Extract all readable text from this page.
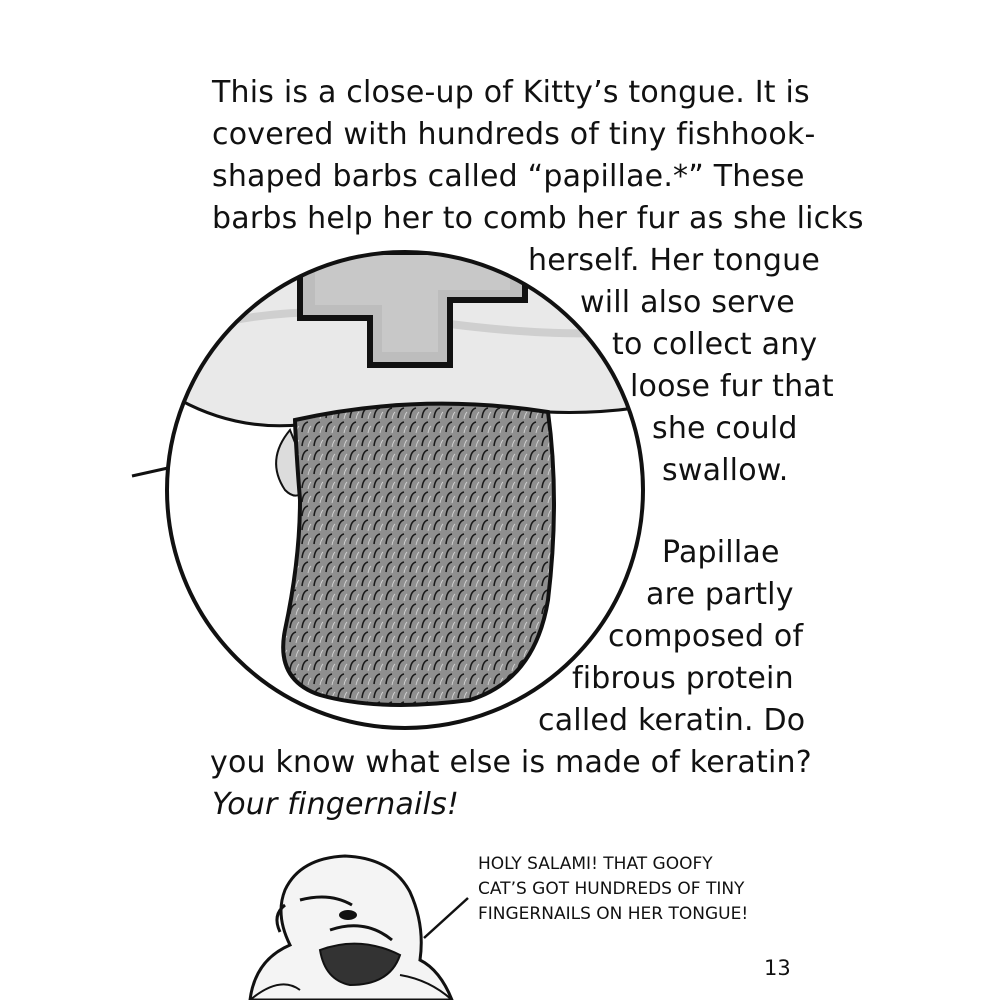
This is a close-up of Kitty’s tongue. It is
covered with hundreds of tiny fishhook-
shaped barbs called “papillae.*” These
barbs help her to comb her fur as she licks
herself. Her tongue
will also serve
to collect any
loose fur that
she could
swallow.
Papillae
are partly
composed of
fibrous protein
called keratin. Do
you know what else is made of keratin?
Your fingernails!
HOLY SALAMI! THAT GOOFY
CAT’S GOT HUNDREDS OF TINY
FINGERNAILS ON HER TONGUE!
13
